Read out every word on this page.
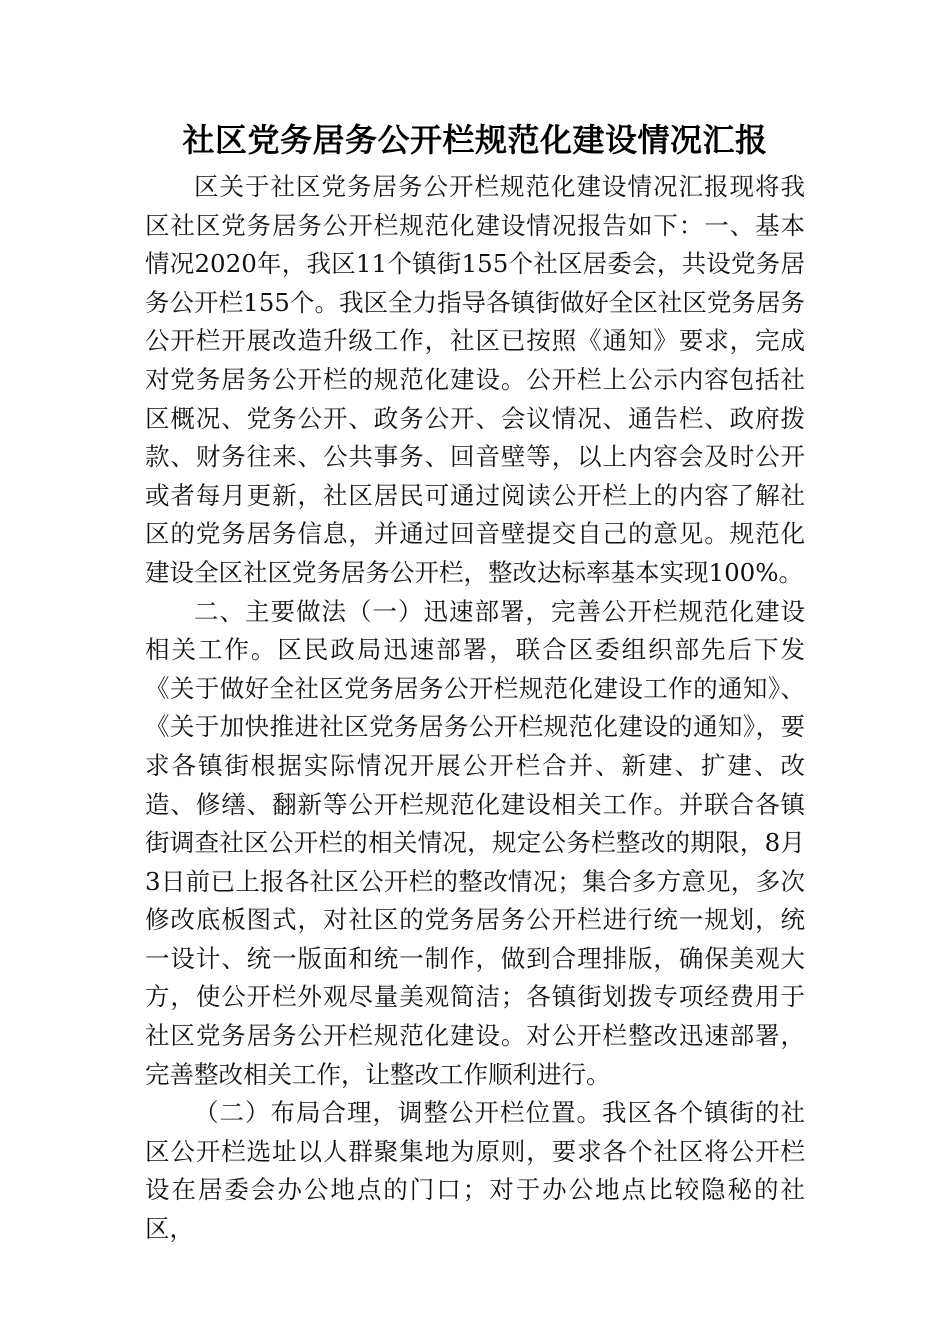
社区党务居务公开栏规范化建设情况汇报

区关于社区党务居务公开栏规范化建设情况汇报现将我区社区党务居务公开栏规范化建设情况报告如下：一、基本情况2020年，我区11个镇街155个社区居委会，共设党务居务公开栏155个。我区全力指导各镇街做好全区社区党务居务公开栏开展改造升级工作，社区已按照《通知》要求，完成对党务居务公开栏的规范化建设。公开栏上公示内容包括社区概况、党务公开、政务公开、会议情况、通告栏、政府拨款、财务往来、公共事务、回音壁等，以上内容会及时公开或者每月更新，社区居民可通过阅读公开栏上的内容了解社区的党务居务信息，并通过回音壁提交自己的意见。规范化建设全区社区党务居务公开栏，整改达标率基本实现100%。

二、主要做法（一）迅速部署，完善公开栏规范化建设相关工作。区民政局迅速部署，联合区委组织部先后下发《关于做好全社区党务居务公开栏规范化建设工作的通知》、《关于加快推进社区党务居务公开栏规范化建设的通知》，要求各镇街根据实际情况开展公开栏合并、新建、扩建、改造、修缮、翻新等公开栏规范化建设相关工作。并联合各镇街调查社区公开栏的相关情况，规定公务栏整改的期限，8月3日前已上报各社区公开栏的整改情况；集合多方意见，多次修改底板图式，对社区的党务居务公开栏进行统一规划，统一设计、统一版面和统一制作，做到合理排版，确保美观大方，使公开栏外观尽量美观简洁；各镇街划拨专项经费用于社区党务居务公开栏规范化建设。对公开栏整改迅速部署，完善整改相关工作，让整改工作顺利进行。

（二）布局合理，调整公开栏位置。我区各个镇街的社区公开栏选址以人群聚集地为原则，要求各个社区将公开栏设在居委会办公地点的门口；对于办公地点比较隐秘的社区，
